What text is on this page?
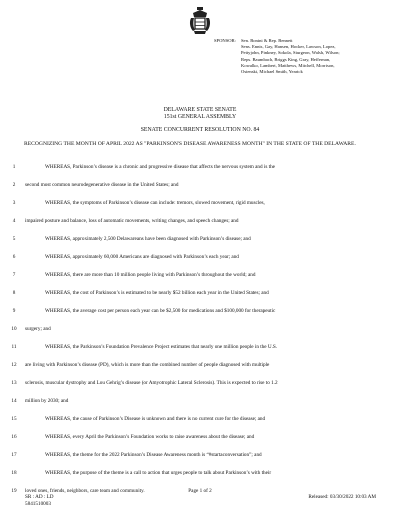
SPONSOR: Sen. Bonini & Rep. Bennett
Sens. Ennis, Gay, Hansen, Hocker, Lawson, Lopez,
Pettyjohn, Pinkney, Sokola, Sturgeon, Walsh, Wilson;
Reps. Baumbach, Briggs King, Gray, Heffernan,
Kowalko, Lambert, Matthews, Mitchell, Morrison,
Osienski, Michael Smith, Yearick
DELAWARE STATE SENATE
151st GENERAL ASSEMBLY
SENATE CONCURRENT RESOLUTION NO. 84
RECOGNIZING THE MONTH OF APRIL 2022 AS "PARKINSON'S DISEASE AWARENESS MONTH" IN THE STATE OF THE DELAWARE.
1	WHEREAS, Parkinson’s disease is a chronic and progressive disease that affects the nervous system and is the
2	second most common neurodegenerative disease in the United States; and
3	WHEREAS, the symptoms of Parkinson’s disease can include: tremors, slowed movement, rigid muscles,
4	impaired posture and balance, loss of automatic movements, writing changes, and speech changes; and
5	WHEREAS, approximately 2,500 Delawareans have been diagnosed with Parkinson’s disease; and
6	WHEREAS, approximately 60,000 Americans are diagnosed with Parkinson’s each year; and
7	WHEREAS, there are more than 10 million people living with Parkinson’s throughout the world; and
8	WHEREAS, the cost of Parkinson’s is estimated to be nearly $52 billion each year in the United States; and
9	WHEREAS, the average cost per person each year can be $2,500 for medications and $100,000 for therapeutic
10	surgery; and
11	WHEREAS, the Parkinson’s Foundation Prevalence Project estimates that nearly one million people in the U.S.
12	are living with Parkinson’s disease (PD), which is more than the combined number of people diagnosed with multiple
13	sclerosis, muscular dystrophy and Lou Gehrig’s disease (or Amyotrophic Lateral Sclerosis). This is expected to rise to 1.2
14	million by 2030; and
15	WHEREAS, the cause of Parkinson’s Disease is unknown and there is no current cure for the disease; and
16	WHEREAS, every April the Parkinson’s Foundation works to raise awareness about the disease; and
17	WHEREAS, the theme for the 2022 Parkinson’s Disease Awareness month is “#startaconversation”; and
18	WHEREAS, the purpose of the theme is a call to action that urges people to talk about Parkinson’s with their
19	loved ones, friends, neighbors, care team and community.	Page 1 of 2
SR : AD : LD
5841510003
Released: 03/30/2022 10:03 AM
